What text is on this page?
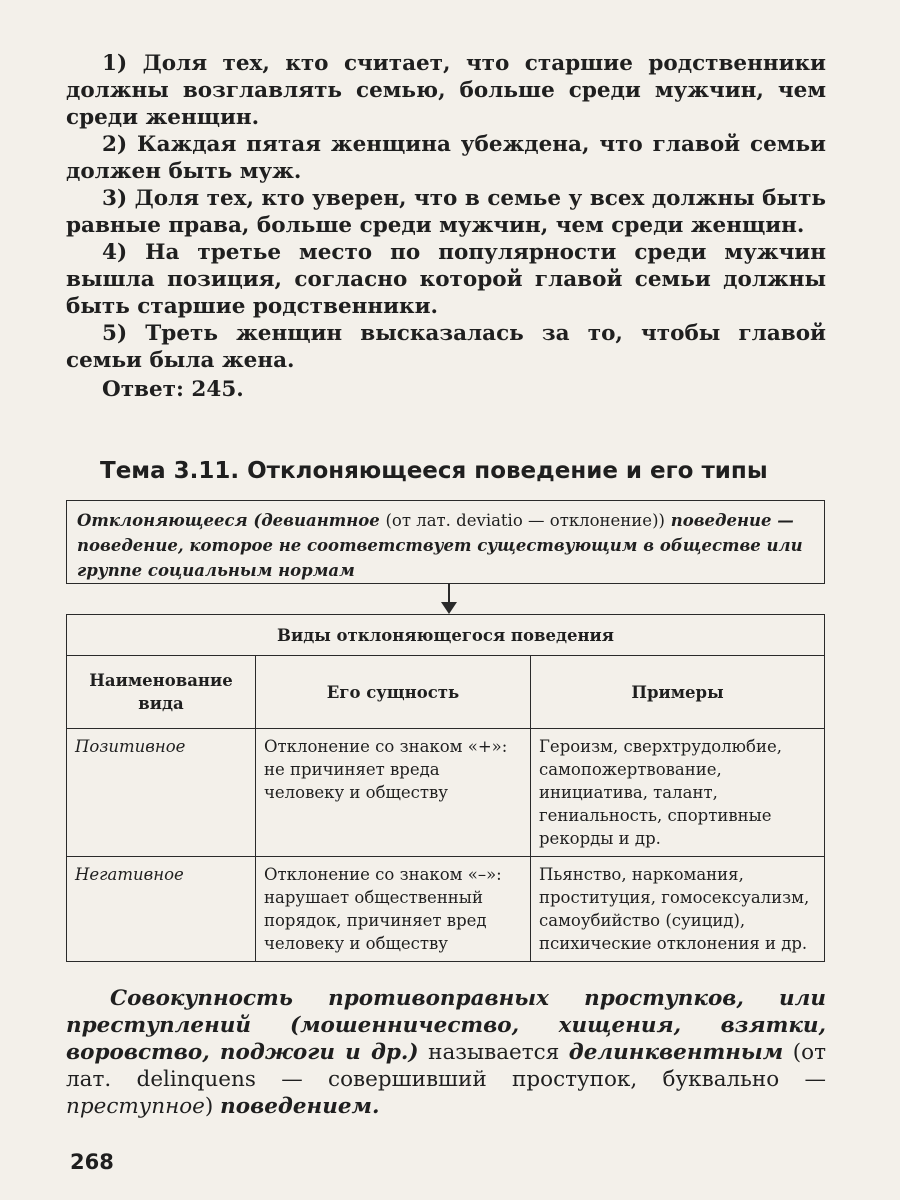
1) Доля тех, кто считает, что старшие родственники должны возглавлять семью, больше среди мужчин, чем среди женщин.

2) Каждая пятая женщина убеждена, что главой семьи должен быть муж.

3) Доля тех, кто уверен, что в семье у всех должны быть равные права, больше среди мужчин, чем среди женщин.

4) На третье место по популярности среди мужчин вышла позиция, согласно которой главой семьи должны быть старшие родственники.

5) Треть женщин высказалась за то, чтобы главой семьи была жена.

Ответ: 245.

Тема 3.11. Отклоняющееся поведение и его типы
Отклоняющееся (девиантное (от лат. deviatio — отклонение)) поведение — поведение, которое не соответствует существующим в обществе или группе социальным нормам
Виды отклоняющегося поведения		
Наименование вида	Его сущность	Примеры
Позитивное	Отклонение со знаком «+»: не причиняет вреда человеку и обществу	Героизм, сверхтрудолюбие, самопожертвование, инициатива, талант, гениальность, спортивные рекорды и др.
Негативное	Отклонение со знаком «–»: нарушает общественный порядок, причиняет вред человеку и обществу	Пьянство, наркомания, проституция, гомосексуализм, самоубийство (суицид), психические отклонения и др.

Совокупность противоправных проступков, или преступлений (мошенничество, хищения, взятки, воровство, поджоги и др.) называется делинквентным (от лат. delinquens — совершивший проступок, буквально — преступное) поведением.

268
